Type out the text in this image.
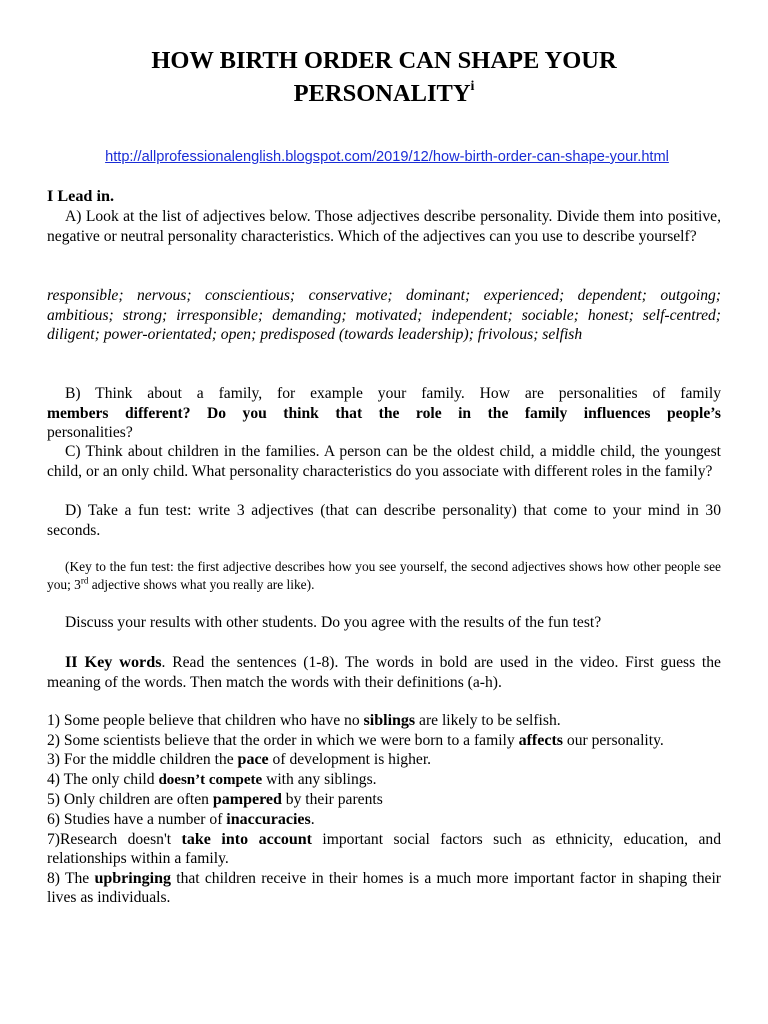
HOW BIRTH ORDER CAN SHAPE YOUR
PERSONALITY$^i$
http://allprofessionalenglish.blogspot.com/2019/12/how-birth-order-can-shape-your.html
I Lead in.
A) Look at the list of adjectives below. Those adjectives describe personality. Divide them into positive, negative or neutral personality characteristics. Which of the adjectives can you use to describe yourself?
responsible; nervous; conscientious; conservative; dominant; experienced; dependent; outgoing; ambitious; strong; irresponsible; demanding; motivated; independent; sociable; honest; self-centred; diligent; power-orientated; open; predisposed (towards leadership); frivolous; selfish
B) Think about a family, for example your family. How are personalities of family
members different? Do you think that the role in the family influences people’s
personalities?
C) Think about children in the families. A person can be the oldest child, a middle child, the youngest child, or an only child. What personality characteristics do you associate with different roles in the family?
D) Take a fun test: write 3 adjectives (that can describe personality) that come to your mind in 30 seconds.
(Key to the fun test: the first adjective describes how you see yourself, the second adjectives shows how other people see you; 3rd adjective shows what you really are like).
Discuss your results with other students. Do you agree with the results of the fun test?
II Key words. Read the sentences (1-8). The words in bold are used in the video. First guess the meaning of the words. Then match the words with their definitions (a-h).
1) Some people believe that children who have no siblings are likely to be selfish.
2) Some scientists believe that the order in which we were born to a family affects our personality.
3) For the middle children the pace of development is higher.
4) The only child doesn’t compete with any siblings.
5) Only children are often pampered by their parents
6) Studies have a number of inaccuracies.
7)Research doesn't take into account important social factors such as ethnicity, education, and relationships within a family.
8) The upbringing that children receive in their homes is a much more important factor in shaping their lives as individuals.
